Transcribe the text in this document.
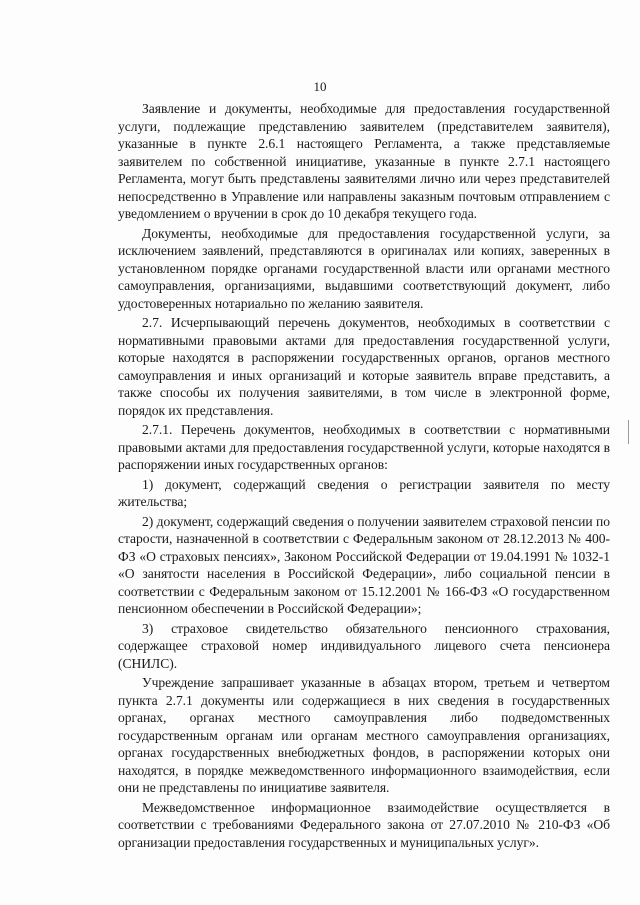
10

Заявление и документы, необходимые для предоставления государственной услуги, подлежащие представлению заявителем (представителем заявителя), указанные в пункте 2.6.1 настоящего Регламента, а также представляемые заявителем по собственной инициативе, указанные в пункте 2.7.1 настоящего Регламента, могут быть представлены заявителями лично или через представителей непосредственно в Управление или направлены заказным почтовым отправлением с уведомлением о вручении в срок до 10 декабря текущего года.

Документы, необходимые для предоставления государственной услуги, за исключением заявлений, представляются в оригиналах или копиях, заверенных в установленном порядке органами государственной власти или органами местного самоуправления, организациями, выдавшими соответствующий документ, либо удостоверенных нотариально по желанию заявителя.

2.7. Исчерпывающий перечень документов, необходимых в соответствии с нормативными правовыми актами для предоставления государственной услуги, которые находятся в распоряжении государственных органов, органов местного самоуправления и иных организаций и которые заявитель вправе представить, а также способы их получения заявителями, в том числе в электронной форме, порядок их представления.

2.7.1. Перечень документов, необходимых в соответствии с нормативными правовыми актами для предоставления государственной услуги, которые находятся в распоряжении иных государственных органов:

1) документ, содержащий сведения о регистрации заявителя по месту жительства;

2) документ, содержащий сведения о получении заявителем страховой пенсии по старости, назначенной в соответствии с Федеральным законом от 28.12.2013 № 400-ФЗ «О страховых пенсиях», Законом Российской Федерации от 19.04.1991 № 1032-1 «О занятости населения в Российской Федерации», либо социальной пенсии в соответствии с Федеральным законом от 15.12.2001 № 166-ФЗ «О государственном пенсионном обеспечении в Российской Федерации»;

3) страховое свидетельство обязательного пенсионного страхования, содержащее страховой номер индивидуального лицевого счета пенсионера (СНИЛС).

Учреждение запрашивает указанные в абзацах втором, третьем и четвертом пункта 2.7.1 документы или содержащиеся в них сведения в государственных органах, органах местного самоуправления либо подведомственных государственным органам или органам местного самоуправления организациях, органах государственных внебюджетных фондов, в распоряжении которых они находятся, в порядке межведомственного информационного взаимодействия, если они не представлены по инициативе заявителя.

Межведомственное информационное взаимодействие осуществляется в соответствии с требованиями Федерального закона от 27.07.2010 № 210-ФЗ «Об организации предоставления государственных и муниципальных услуг».
